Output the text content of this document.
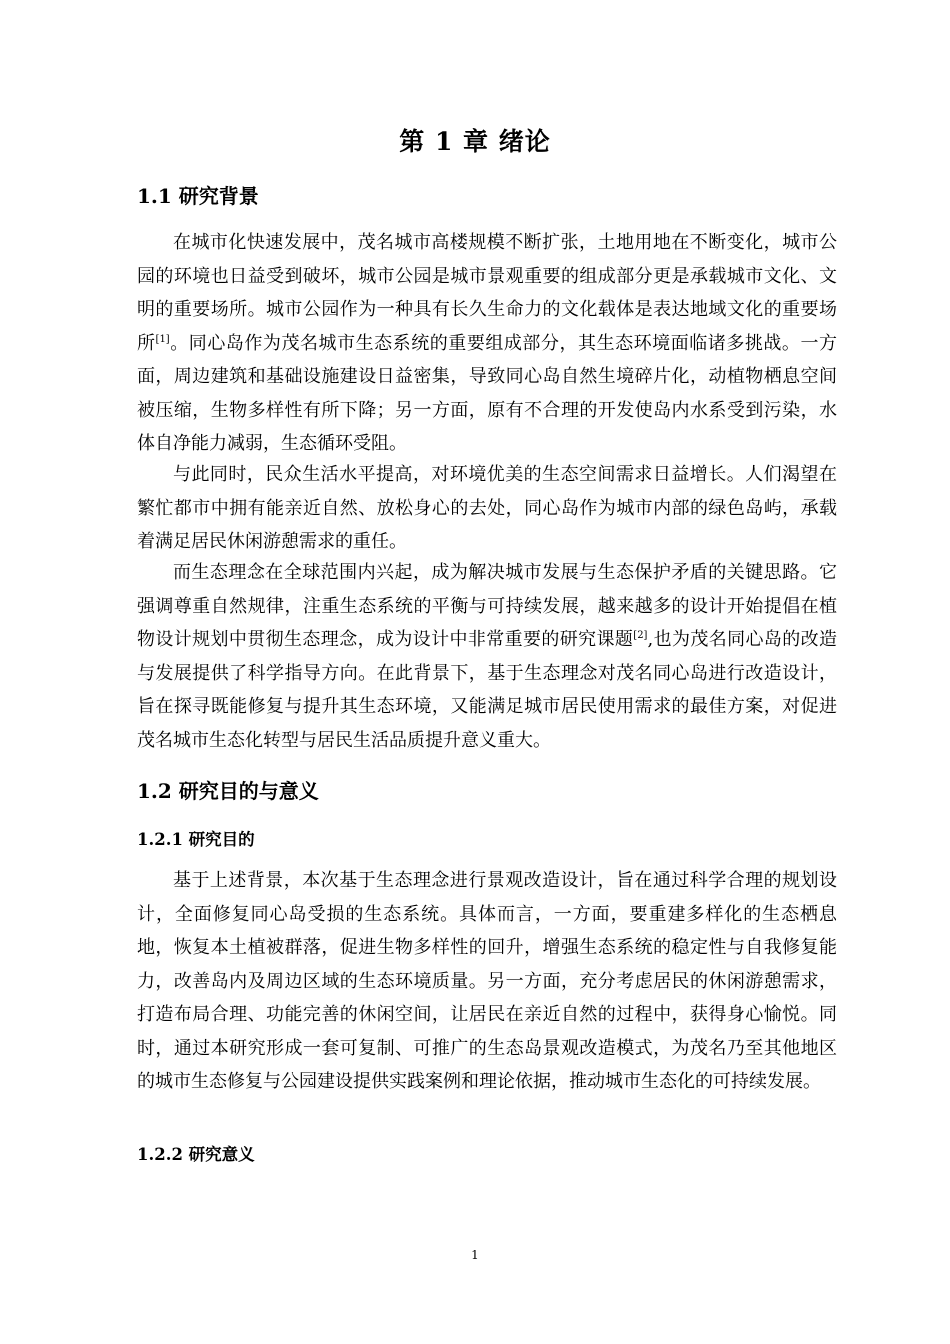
第 1 章 绪论
1.1 研究背景

在城市化快速发展中，茂名城市高楼规模不断扩张，土地用地在不断变化，城市公园的环境也日益受到破坏，城市公园是城市景观重要的组成部分更是承载城市文化、文明的重要场所。城市公园作为一种具有长久生命力的文化载体是表达地域文化的重要场所[1]。同心岛作为茂名城市生态系统的重要组成部分，其生态环境面临诸多挑战。一方面，周边建筑和基础设施建设日益密集，导致同心岛自然生境碎片化，动植物栖息空间被压缩，生物多样性有所下降；另一方面，原有不合理的开发使岛内水系受到污染，水体自净能力减弱，生态循环受阻。

与此同时，民众生活水平提高，对环境优美的生态空间需求日益增长。人们渴望在繁忙都市中拥有能亲近自然、放松身心的去处，同心岛作为城市内部的绿色岛屿，承载着满足居民休闲游憩需求的重任。

而生态理念在全球范围内兴起，成为解决城市发展与生态保护矛盾的关键思路。它强调尊重自然规律，注重生态系统的平衡与可持续发展，越来越多的设计开始提倡在植物设计规划中贯彻生态理念，成为设计中非常重要的研究课题[2],也为茂名同心岛的改造与发展提供了科学指导方向。在此背景下，基于生态理念对茂名同心岛进行改造设计，旨在探寻既能修复与提升其生态环境，又能满足城市居民使用需求的最佳方案，对促进茂名城市生态化转型与居民生活品质提升意义重大。

1.2 研究目的与意义
1.2.1 研究目的

基于上述背景，本次基于生态理念进行景观改造设计，旨在通过科学合理的规划设计，全面修复同心岛受损的生态系统。具体而言，一方面，要重建多样化的生态栖息地，恢复本土植被群落，促进生物多样性的回升，增强生态系统的稳定性与自我修复能力，改善岛内及周边区域的生态环境质量。另一方面，充分考虑居民的休闲游憩需求，打造布局合理、功能完善的休闲空间，让居民在亲近自然的过程中，获得身心愉悦。同时，通过本研究形成一套可复制、可推广的生态岛景观改造模式，为茂名乃至其他地区的城市生态修复与公园建设提供实践案例和理论依据，推动城市生态化的可持续发展。

1.2.2 研究意义
1
